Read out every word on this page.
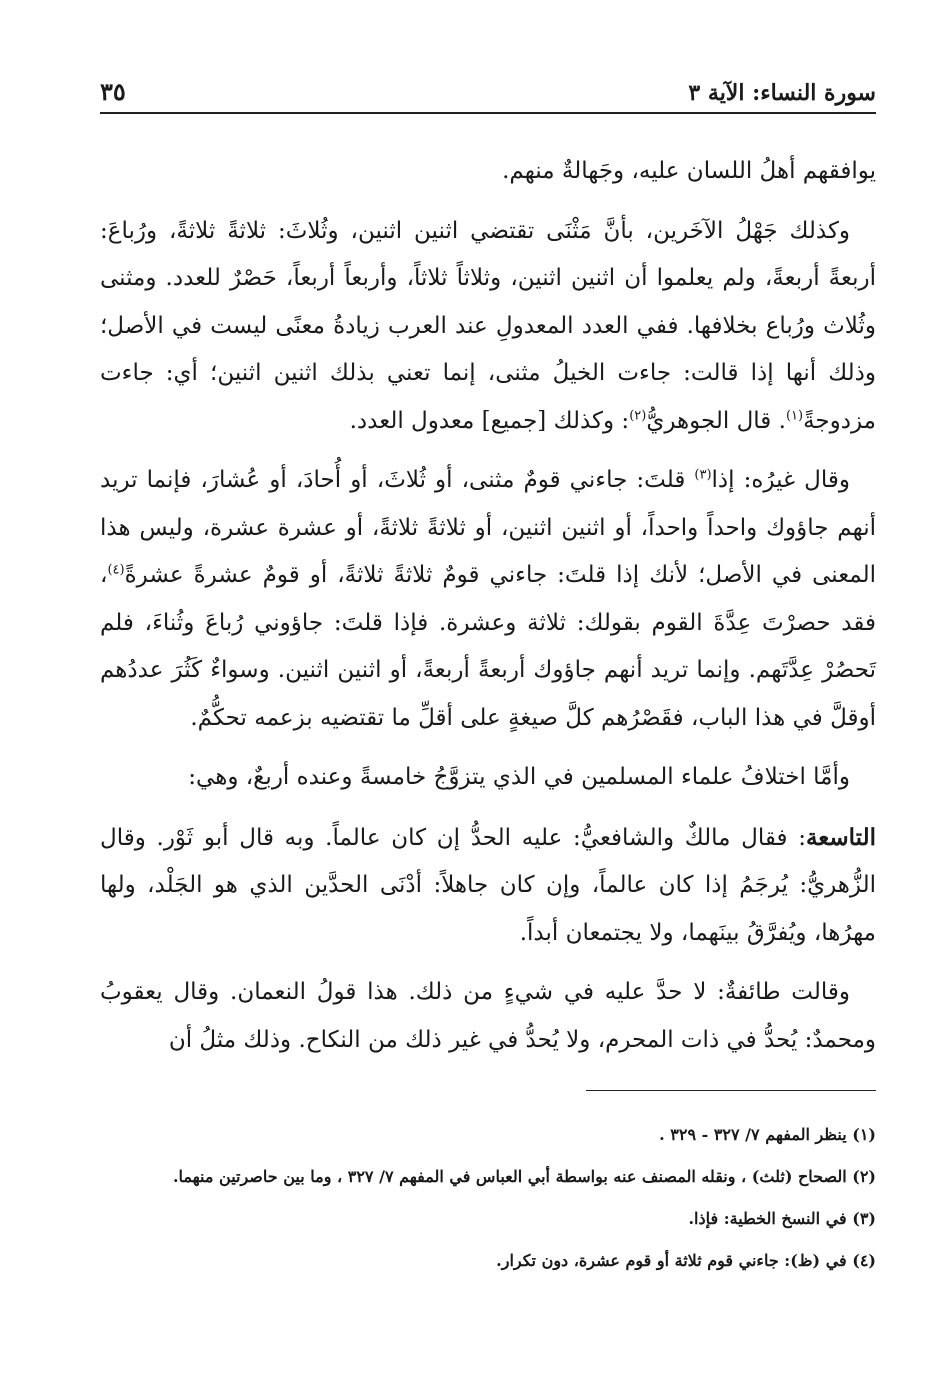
سورة النساء: الآية ٣
٣٥

يوافقهم أهلُ اللسان عليه، وجَهالةٌ منهم.

وكذلك جَهْلُ الآخَرين، بأنَّ مَثْنَى تقتضي اثنين اثنين، وثُلاثَ: ثلاثةً ثلاثةً، ورُباعَ: أربعةً أربعةً، ولم يعلموا أن اثنين اثنين، وثلاثاً ثلاثاً، وأربعاً أربعاً، حَصْرٌ للعدد. ومثنى وثُلاث ورُباع بخلافها. ففي العدد المعدولِ عند العرب زيادةُ معنًى ليست في الأصل؛ وذلك أنها إذا قالت: جاءت الخيلُ مثنى، إنما تعني بذلك اثنين اثنين؛ أي: جاءت مزدوجةً$^{(١)}$. قال الجوهريُّ$^{(٢)}$: وكذلك [جميع] معدول العدد.

وقال غيرُه: إذا$^{(٣)}$ قلتَ: جاءني قومٌ مثنى، أو ثُلاثَ، أو أُحادَ، أو عُشارَ، فإنما تريد أنهم جاؤوك واحداً واحداً، أو اثنين اثنين، أو ثلاثةً ثلاثةً، أو عشرة عشرة، وليس هذا المعنى في الأصل؛ لأنك إذا قلتَ: جاءني قومٌ ثلاثةً ثلاثةً، أو قومٌ عشرةً عشرةً$^{(٤)}$، فقد حصرْتَ عِدَّةَ القوم بقولك: ثلاثة وعشرة. فإذا قلتَ: جاؤوني رُباعَ وثُناءَ، فلم تَحصُرْ عِدَّتَهم. وإنما تريد أنهم جاؤوك أربعةً أربعةً، أو اثنين اثنين. وسواءٌ كَثُرَ عددُهم أوقلَّ في هذا الباب، فقَصْرُهم كلَّ صيغةٍ على أقلِّ ما تقتضيه بزعمه تحكُّمٌ.

وأمَّا اختلافُ علماء المسلمين في الذي يتزوَّجُ خامسةً وعنده أربعٌ، وهي:

التاسعة: فقال مالكٌ والشافعيُّ: عليه الحدُّ إن كان عالماً. وبه قال أبو ثَوْر. وقال الزُّهريُّ: يُرجَمُ إذا كان عالماً، وإن كان جاهلاً: أدْنَى الحدَّين الذي هو الجَلْد، ولها مهرُها، ويُفرَّقُ بينَهما، ولا يجتمعان أبداً.

وقالت طائفةٌ: لا حدَّ عليه في شيءٍ من ذلك. هذا قولُ النعمان. وقال يعقوبُ ومحمدٌ: يُحدُّ في ذات المحرم، ولا يُحدُّ في غير ذلك من النكاح. وذلك مثلُ أن

(١) ينظر المفهم ٧/ ٣٢٧ - ٣٢٩ .
(٢) الصحاح (ثلث) ، ونقله المصنف عنه بواسطة أبي العباس في المفهم ٧/ ٣٢٧ ، وما بين حاصرتين منهما.
(٣) في النسخ الخطية: فإذا.
(٤) في (ظ): جاءني قوم ثلاثة أو قوم عشرة، دون تكرار.
